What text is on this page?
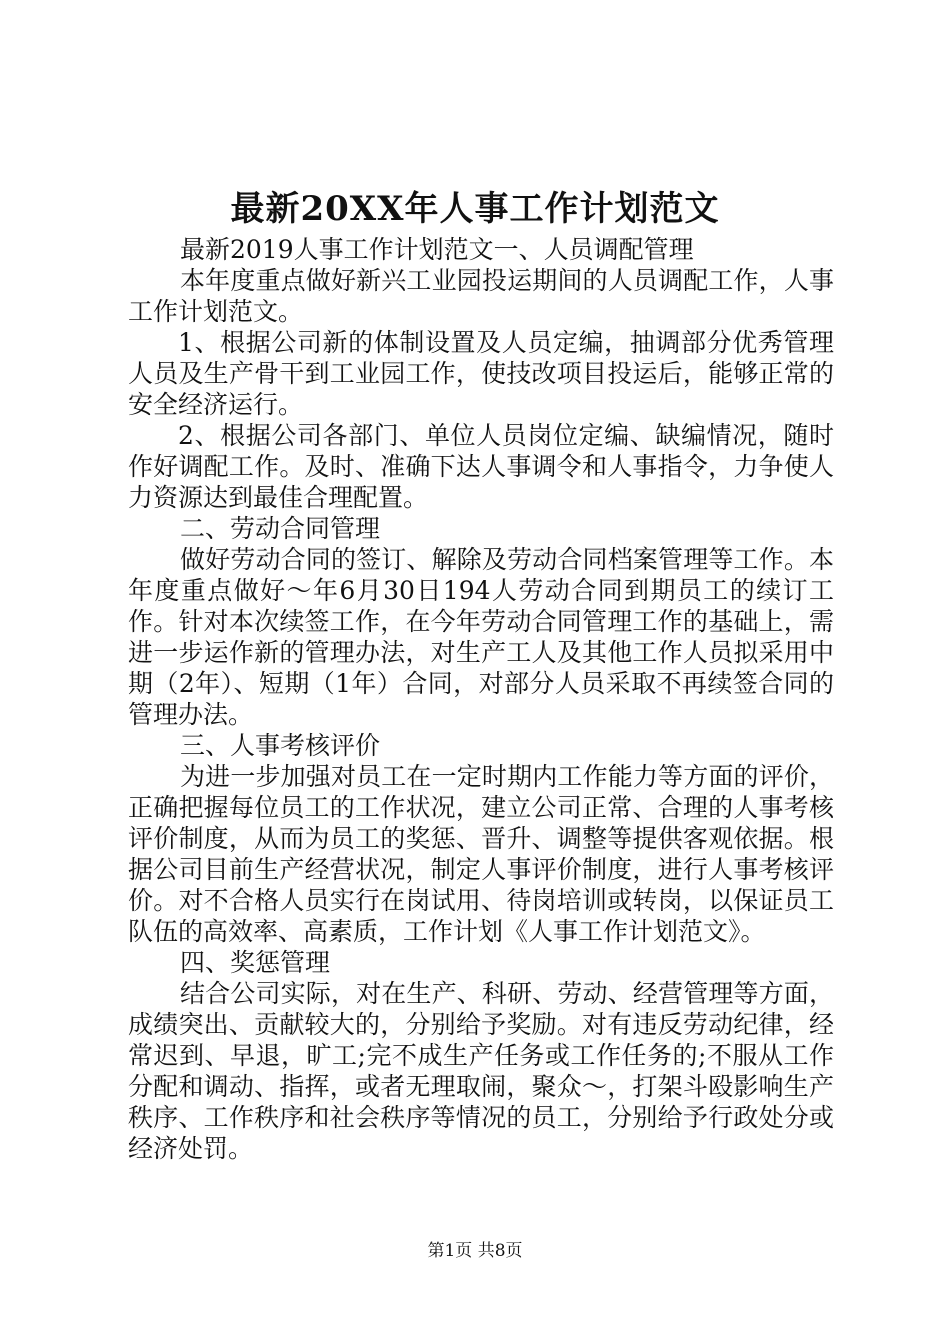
最新20XX年人事工作计划范文

最新2019人事工作计划范文一、人员调配管理

本年度重点做好新兴工业园投运期间的人员调配工作，人事工作计划范文。

1、根据公司新的体制设置及人员定编，抽调部分优秀管理人员及生产骨干到工业园工作，使技改项目投运后，能够正常的安全经济运行。

2、根据公司各部门、单位人员岗位定编、缺编情况，随时作好调配工作。及时、准确下达人事调令和人事指令，力争使人力资源达到最佳合理配置。

二、劳动合同管理

做好劳动合同的签订、解除及劳动合同档案管理等工作。本年度重点做好～年6月30日194人劳动合同到期员工的续订工作。针对本次续签工作，在今年劳动合同管理工作的基础上，需进一步运作新的管理办法，对生产工人及其他工作人员拟采用中期（2年）、短期（1年）合同，对部分人员采取不再续签合同的管理办法。

三、人事考核评价

为进一步加强对员工在一定时期内工作能力等方面的评价，正确把握每位员工的工作状况，建立公司正常、合理的人事考核评价制度，从而为员工的奖惩、晋升、调整等提供客观依据。根据公司目前生产经营状况，制定人事评价制度，进行人事考核评价。对不合格人员实行在岗试用、待岗培训或转岗，以保证员工队伍的高效率、高素质，工作计划《人事工作计划范文》。

四、奖惩管理

结合公司实际，对在生产、科研、劳动、经营管理等方面，成绩突出、贡献较大的，分别给予奖励。对有违反劳动纪律，经常迟到、早退，旷工;完不成生产任务或工作任务的;不服从工作分配和调动、指挥，或者无理取闹，聚众～，打架斗殴影响生产秩序、工作秩序和社会秩序等情况的员工，分别给予行政处分或经济处罚。

第1页 共8页
